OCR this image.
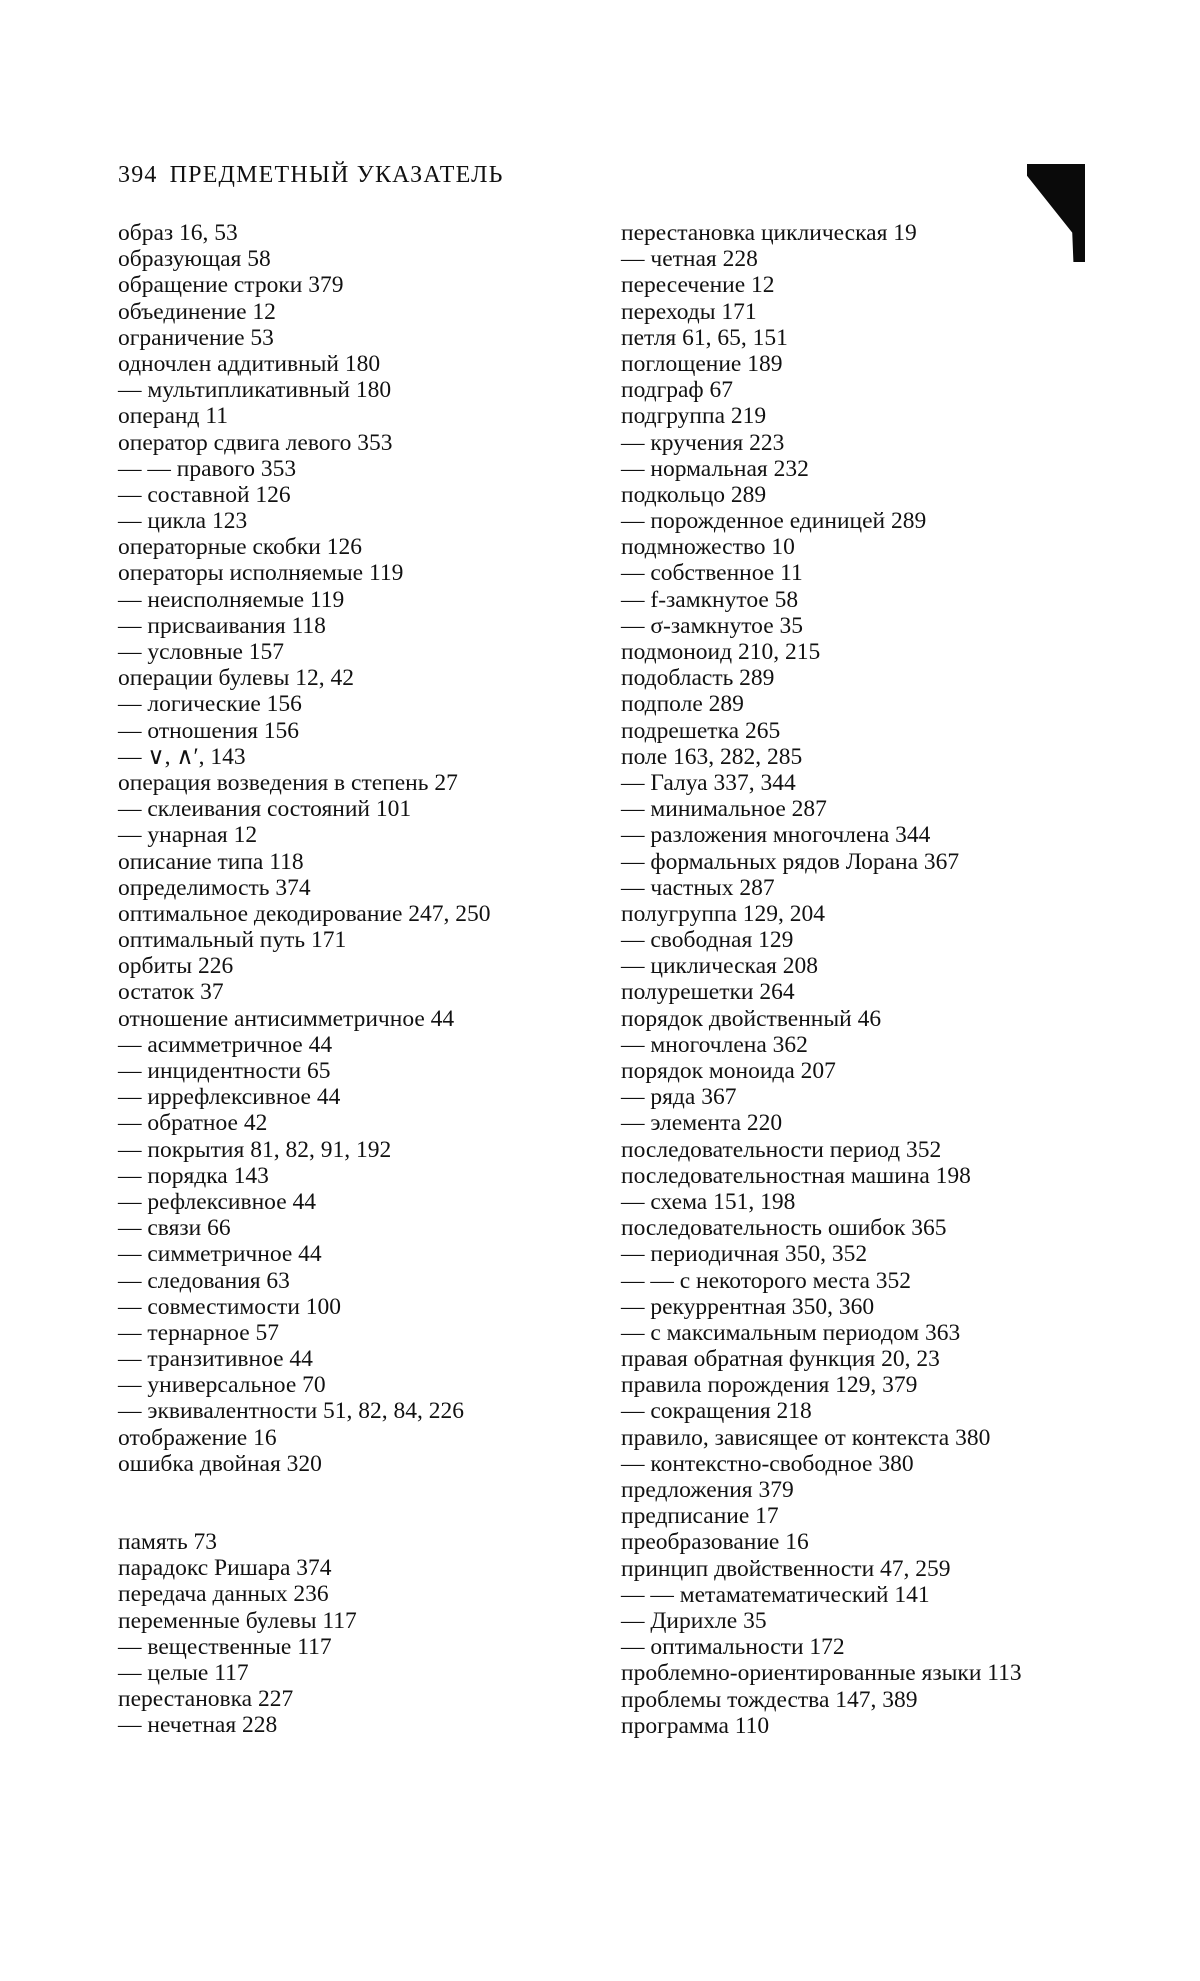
394 ПРЕДМЕТНЫЙ УКАЗАТЕЛЬ
образ 16, 53
образующая 58
обращение строки 379
объединение 12
ограничение 53
одночлен аддитивный 180
— мультипликативный 180
операнд 11
оператор сдвига левого 353
— — правого 353
— составной 126
— цикла 123
операторные скобки 126
операторы исполняемые 119
— неисполняемые 119
— присваивания 118
— условные 157
операции булевы 12, 42
— логические 156
— отношения 156
— ∨, ∧′, 143
операция возведения в степень 27
— склеивания состояний 101
— унарная 12
описание типа 118
определимость 374
оптимальное декодирование 247, 250
оптимальный путь 171
орбиты 226
остаток 37
отношение антисимметричное 44
— асимметричное 44
— инцидентности 65
— иррефлексивное 44
— обратное 42
— покрытия 81, 82, 91, 192
— порядка 143
— рефлексивное 44
— связи 66
— симметричное 44
— следования 63
— совместимости 100
— тернарное 57
— транзитивное 44
— универсальное 70
— эквивалентности 51, 82, 84, 226
отображение 16
ошибка двойная 320
память 73
парадокс Ришара 374
передача данных 236
переменные булевы 117
— вещественные 117
— целые 117
перестановка 227
— нечетная 228
перестановка циклическая 19
— четная 228
пересечение 12
переходы 171
петля 61, 65, 151
поглощение 189
подграф 67
подгруппа 219
— кручения 223
— нормальная 232
подкольцо 289
— порожденное единицей 289
подмножество 10
— собственное 11
— f-замкнутое 58
— σ-замкнутое 35
подмоноид 210, 215
подобласть 289
подполе 289
подрешетка 265
поле 163, 282, 285
— Галуа 337, 344
— минимальное 287
— разложения многочлена 344
— формальных рядов Лорана 367
— частных 287
полугруппа 129, 204
— свободная 129
— циклическая 208
полурешетки 264
порядок двойственный 46
— многочлена 362
порядок моноида 207
— ряда 367
— элемента 220
последовательности период 352
последовательностная машина 198
— схема 151, 198
последовательность ошибок 365
— периодичная 350, 352
— — с некоторого места 352
— рекуррентная 350, 360
— с максимальным периодом 363
правая обратная функция 20, 23
правила порождения 129, 379
— сокращения 218
правило, зависящее от контекста 380
— контекстно-свободное 380
предложения 379
предписание 17
преобразование 16
принцип двойственности 47, 259
— — метаматематический 141
— Дирихле 35
— оптимальности 172
проблемно-ориентированные языки 113
проблемы тождества 147, 389
программа 110
